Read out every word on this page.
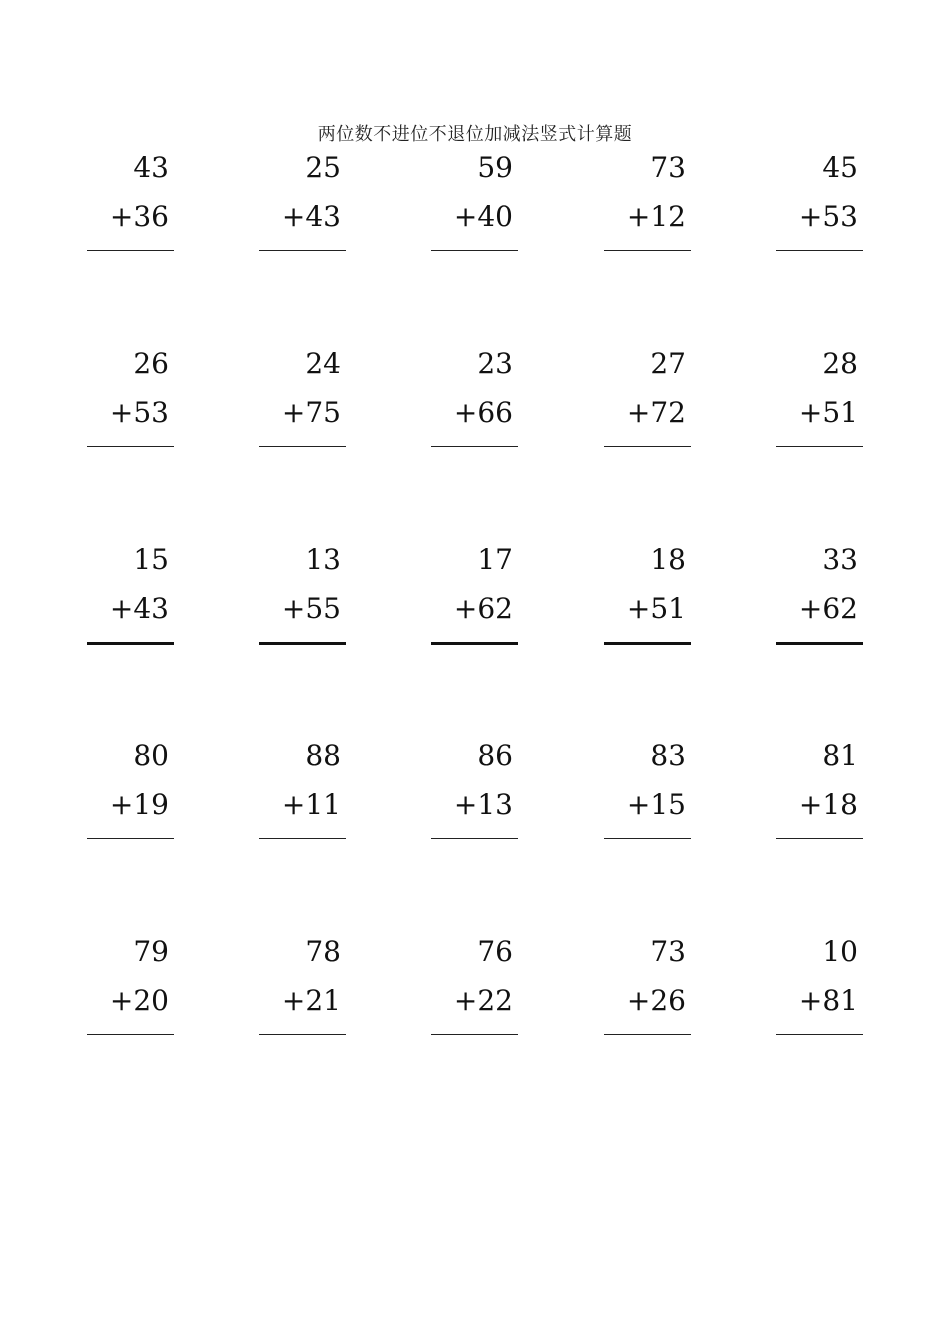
两位数不进位不退位加减法竖式计算题
43
+36
25
+43
59
+40
73
+12
45
+53
26
+53
24
+75
23
+66
27
+72
28
+51
15
+43
13
+55
17
+62
18
+51
33
+62
80
+19
88
+11
86
+13
83
+15
81
+18
79
+20
78
+21
76
+22
73
+26
10
+81
